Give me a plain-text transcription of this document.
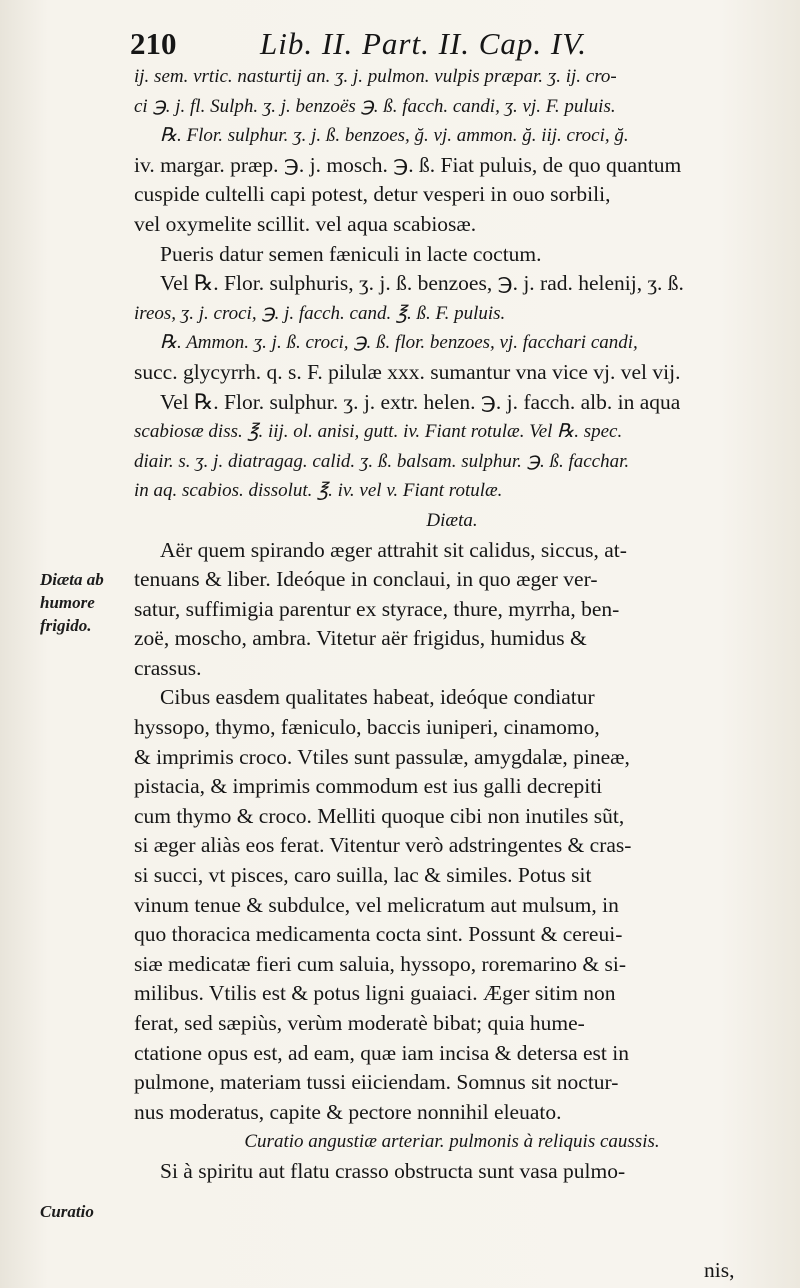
210	Lib. II. Part. II. Cap. IV.
Diæta ab humore frigido.
Curatio
ij. sem. vrtic. nasturtij an. ʒ. j. pulmon. vulpis præpar. ʒ. ij. cro-
ci ℈. j. fl. Sulph. ʒ. j. benzoës ℈. ß. facch. candi, ʒ. vj. F. puluis.
℞. Flor. sulphur. ʒ. j. ß. benzoes, ğ. vj. ammon. ğ. iij. croci, ğ.
iv. margar. præp. ℈. j. mosch. ℈. ß. Fiat puluis, de quo quantum
cuspide cultelli capi potest, detur vesperi in ouo sorbili,
vel oxymelite scillit. vel aqua scabiosæ.
Pueris datur semen fæniculi in lacte coctum.
Vel ℞. Flor. sulphuris, ʒ. j. ß. benzoes, ℈. j. rad. helenij, ʒ. ß.
ireos, ʒ. j. croci, ℈. j. facch. cand. ℥. ß. F. puluis.
℞. Ammon. ʒ. j. ß. croci, ℈. ß. flor. benzoes, vj. facchari candi,
succ. glycyrrh. q. s. F. pilulæ xxx. sumantur vna vice vj. vel vij.
Vel ℞. Flor. sulphur. ʒ. j. extr. helen. ℈. j. facch. alb. in aqua
scabiosæ diss. ℥. iij. ol. anisi, gutt. iv. Fiant rotulæ. Vel ℞. spec.
diair. s. ʒ. j. diatragag. calid. ʒ. ß. balsam. sulphur. ℈. ß. facchar.
in aq. scabios. dissolut. ℥. iv. vel v. Fiant rotulæ.
Diæta.
Aër quem spirando æger attrahit sit calidus, siccus, at-
tenuans & liber. Ideóque in conclaui, in quo æger ver-
satur, suffimigia parentur ex styrace, thure, myrrha, ben-
zoë, moscho, ambra. Vitetur aër frigidus, humidus &
crassus.
Cibus easdem qualitates habeat, ideóque condiatur
hyssopo, thymo, fæniculo, baccis iuniperi, cinamomo,
& imprimis croco. Vtiles sunt passulæ, amygdalæ, pineæ,
pistacia, & imprimis commodum est ius galli decrepiti
cum thymo & croco. Melliti quoque cibi non inutiles sũt,
si æger aliàs eos ferat. Vitentur verò adstringentes & cras-
si succi, vt pisces, caro suilla, lac & similes. Potus sit
vinum tenue & subdulce, vel melicratum aut mulsum, in
quo thoracica medicamenta cocta sint. Possunt & cereui-
siæ medicatæ fieri cum saluia, hyssopo, roremarino & si-
milibus. Vtilis est & potus ligni guaiaci. Æger sitim non
ferat, sed sæpiùs, verùm moderatè bibat; quia hume-
ctatione opus est, ad eam, quæ iam incisa & detersa est in
pulmone, materiam tussi eiiciendam. Somnus sit noctur-
nus moderatus, capite & pectore nonnihil eleuato.
Curatio angustiæ arteriar. pulmonis à reliquis caussis.
Si à spiritu aut flatu crasso obstructa sunt vasa pulmo-
nis,
